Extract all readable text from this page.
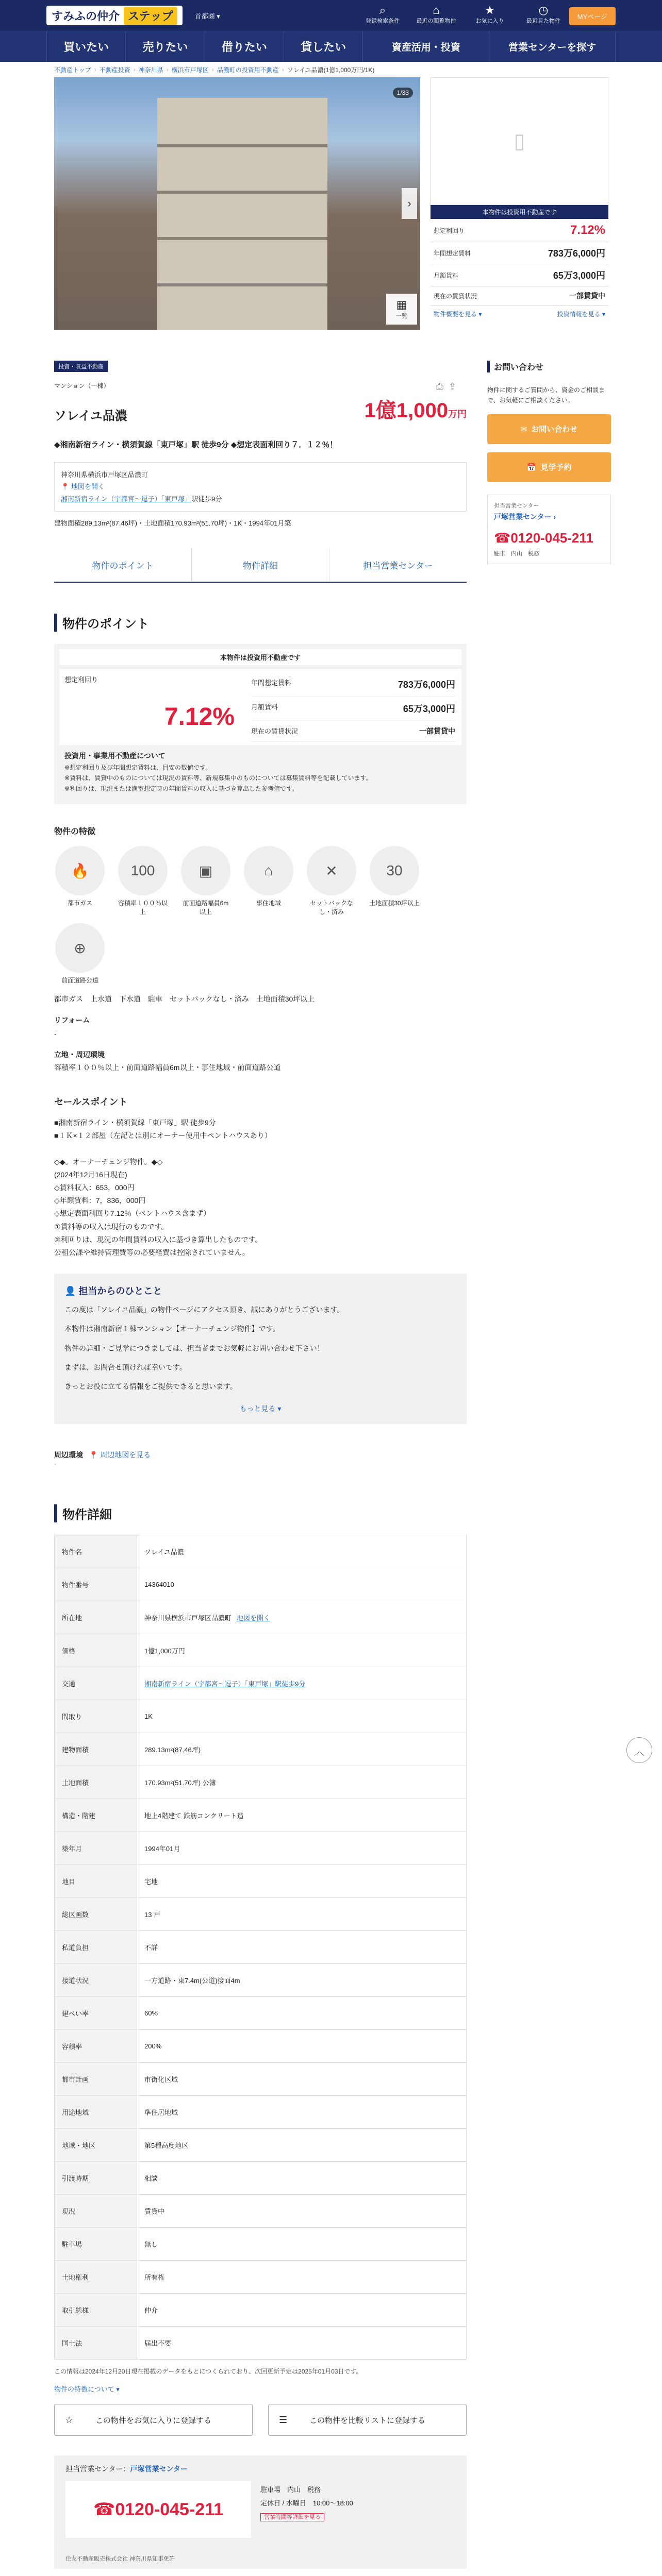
すみふの仲介 ステップ	首都圏 ▾	⌕
登録検索条件
⌂
最近の閲覧物件
★
お気に入り
◷
最近見た物件
MYページ
買いたい	売りたい	借りたい	貸したい	資産活用・投資	営業センターを探す
不動産トップ › 不動産投資 › 神奈川県 › 横浜市戸塚区 › 品濃町の投資用不動産 › ソレイユ品濃(1億1,000万円/1K)
1/33
›
▦
一覧
▯
本物件は投資用不動産です
想定利回り	7.12%
年間想定賃料	783万6,000円
月額賃料	65万3,000円
現在の賃貸状況	一部賃貸中
物件概要を見る ▾	投資情報を見る ▾
投資・収益不動産
⎙ ⇪
マンション（一棟）
ソレイユ品濃	1億1,000万円
◆湘南新宿ライン・横須賀線「東戸塚」駅 徒歩9分 ◆想定表面利回り７．１２％！
神奈川県横浜市戸塚区品濃町
📍 地図を開く
湘南新宿ライン（宇都宮～逗子）「東戸塚」駅徒歩9分
建物面積289.13m²(87.46坪)・土地面積170.93m²(51.70坪)・1K・1994年01月築
物件のポイント	物件詳細	担当営業センター
物件のポイント
本物件は投資用不動産です
想定利回り
7.12%
年間想定賃料	783万6,000円
月額賃料	65万3,000円
現在の賃貸状況	一部賃貸中
投資用・事業用不動産について
※想定利回り及び年間想定賃料は、目安の数値です。
※賃料は、賃貸中のものについては現況の賃料等、新規募集中のものについては募集賃料等を記載しています。
※利回りは、現況または満室想定時の年間賃料の収入に基づき算出した参考値です。
物件の特徴
🔥
都市ガス
100
容積率１００％以上
▣
前面道路幅員6m以上
⌂
事住地域
✕
セットバックなし・済み
30
土地面積30坪以上
⊕
前面道路公道
都市ガス　上水道　下水道　駐車　セットバックなし・済み　土地面積30坪以上
リフォーム
-
立地・周辺環境
容積率１００％以上・前面道路幅員6m以上・事住地域・前面道路公道
セールスポイント
■湘南新宿ライン・横須賀線「東戸塚」駅 徒歩9分
■１Ｋ×１２部屋（左記とは別にオーナー使用中ペントハウスあり）

◇◆。オーナーチェンジ物件。◆◇
(2024年12月16日現在)
◇賃料収入：653，000円
◇年額賃料：7，836，000円
◇想定表面利回り7.12％（ペントハウス含まず）
①賃料等の収入は現行のものです。
②利回りは、現況の年間賃料の収入に基づき算出したものです。
公租公課や維持管理費等の必要経費は控除されていません。
👤 担当からのひとこと

この度は「ソレイユ品濃」の物件ページにアクセス頂き、誠にありがとうございます。

本物件は湘南新宿１棟マンション【オーナーチェンジ物件】です。

物件の詳細・ご見学につきましては、担当者までお気軽にお問い合わせ下さい！

まずは、お問合せ頂ければ幸いです。

きっとお役に立てる情報をご提供できると思います。

もっと見る ▾
周辺環境 📍 周辺地図を見る
-
物件詳細
物件名	ソレイユ品濃
物件番号	14364010
所在地	神奈川県横浜市戸塚区品濃町 地図を開く
価格	1億1,000万円
交通	湘南新宿ライン（宇都宮～逗子）「東戸塚」駅徒歩9分
間取り	1K
建物面積	289.13m²(87.46坪)
土地面積	170.93m²(51.70坪) 公簿
構造・階建	地上4階建て 鉄筋コンクリート造
築年月	1994年01月
地目	宅地
総区画数	13 戸
私道負担	不詳
接道状況	一方道路・東7.4m(公道)接面4m
建ぺい率	60%
容積率	200%
都市計画	市街化区域
用途地域	準住居地域
地域・地区	第5種高度地区
引渡時期	相談
現況	賃貸中
駐車場	無し
土地権利	所有権
取引態様	仲介
国土法	届出不要
この情報は2024年12月20日現在掲載のデータをもとにつくられており、次回更新予定は2025年01月03日です。
物件の特徴について ▾
☆	この物件をお気に入りに登録する	☰	この物件を比較リストに登録する
担当営業センター：戸塚営業センター
☎ 0120-045-211
駐車場　内山　税務
定休日 / 水曜日　10:00〜18:00
営業時間等詳細を見る
住友不動産販売株式会社 神奈川県知事免許

お問い合わせ
物件に関するご質問から、資金のご相談まで、お気軽にご相談ください。
✉ お問い合わせ
📅 見学予約
担当営業センター
戸塚営業センター ›
☎0120-045-211
駐車　内山　税務
︿
